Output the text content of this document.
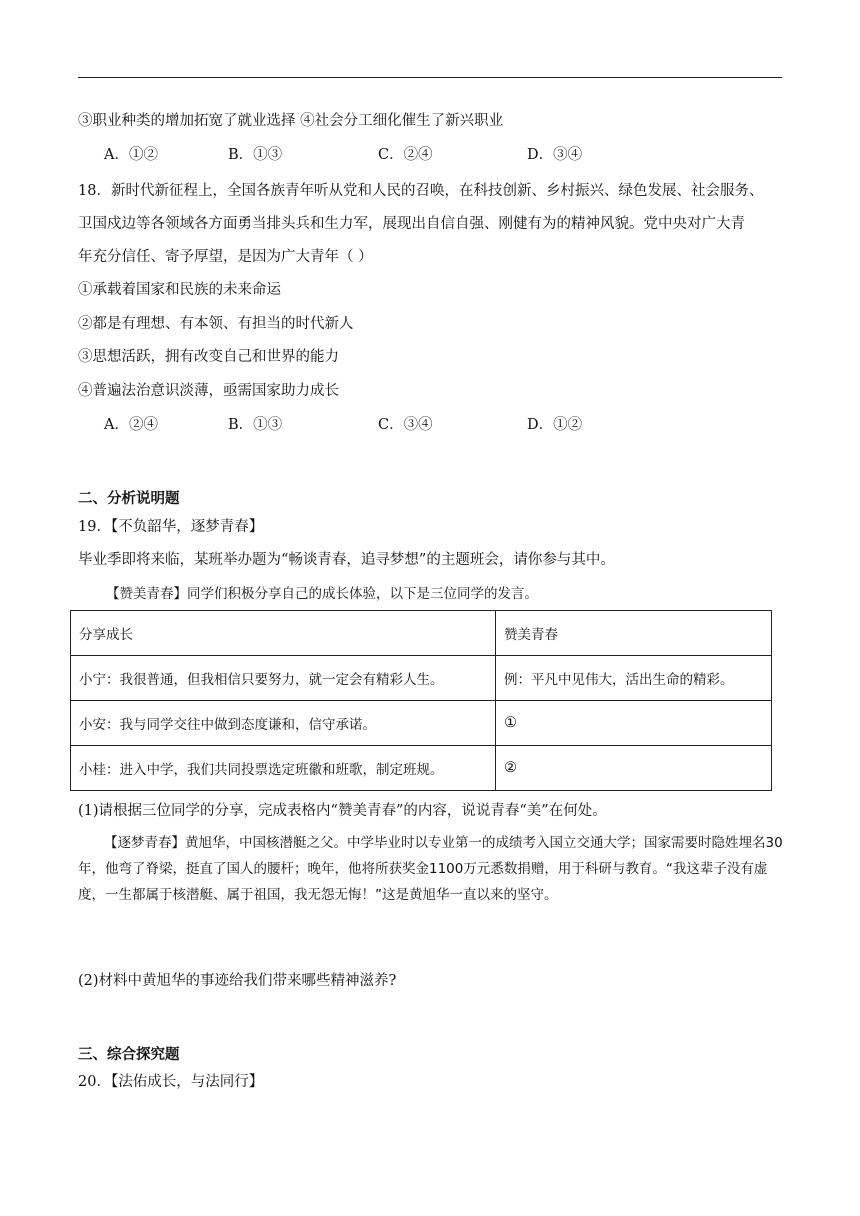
③职业种类的增加拓宽了就业选择 ④社会分工细化催生了新兴职业
A．①②	B．①③	C．②④	D．③④
18．新时代新征程上，全国各族青年听从党和人民的召唤，在科技创新、乡村振兴、绿色发展、社会服务、
卫国戍边等各领域各方面勇当排头兵和生力军，展现出自信自强、刚健有为的精神风貌。党中央对广大青
年充分信任、寄予厚望，是因为广大青年（ ）
①承载着国家和民族的未来命运
②都是有理想、有本领、有担当的时代新人
③思想活跃，拥有改变自己和世界的能力
④普遍法治意识淡薄，亟需国家助力成长
A．②④	B．①③	C．③④	D．①②
二、分析说明题
19．【不负韶华，逐梦青春】
毕业季即将来临，某班举办题为“畅谈青春，追寻梦想”的主题班会，请你参与其中。
【赞美青春】同学们积极分享自己的成长体验，以下是三位同学的发言。
分享成长	赞美青春
小宁：我很普通，但我相信只要努力，就一定会有精彩人生。	例：平凡中见伟大，活出生命的精彩。
小安：我与同学交往中做到态度谦和，信守承诺。	①
小桂：进入中学，我们共同投票选定班徽和班歌，制定班规。	②
(1)请根据三位同学的分享，完成表格内“赞美青春”的内容，说说青春“美”在何处。
【逐梦青春】黄旭华，中国核潜艇之父。中学毕业时以专业第一的成绩考入国立交通大学；国家需要时隐姓埋名30年，他弯了脊梁，挺直了国人的腰杆；晚年，他将所获奖金1100万元悉数捐赠，用于科研与教育。“我这辈子没有虚度，一生都属于核潜艇、属于祖国，我无怨无悔！”这是黄旭华一直以来的坚守。
(2)材料中黄旭华的事迹给我们带来哪些精神滋养?
三、综合探究题
20．【法佑成长，与法同行】
